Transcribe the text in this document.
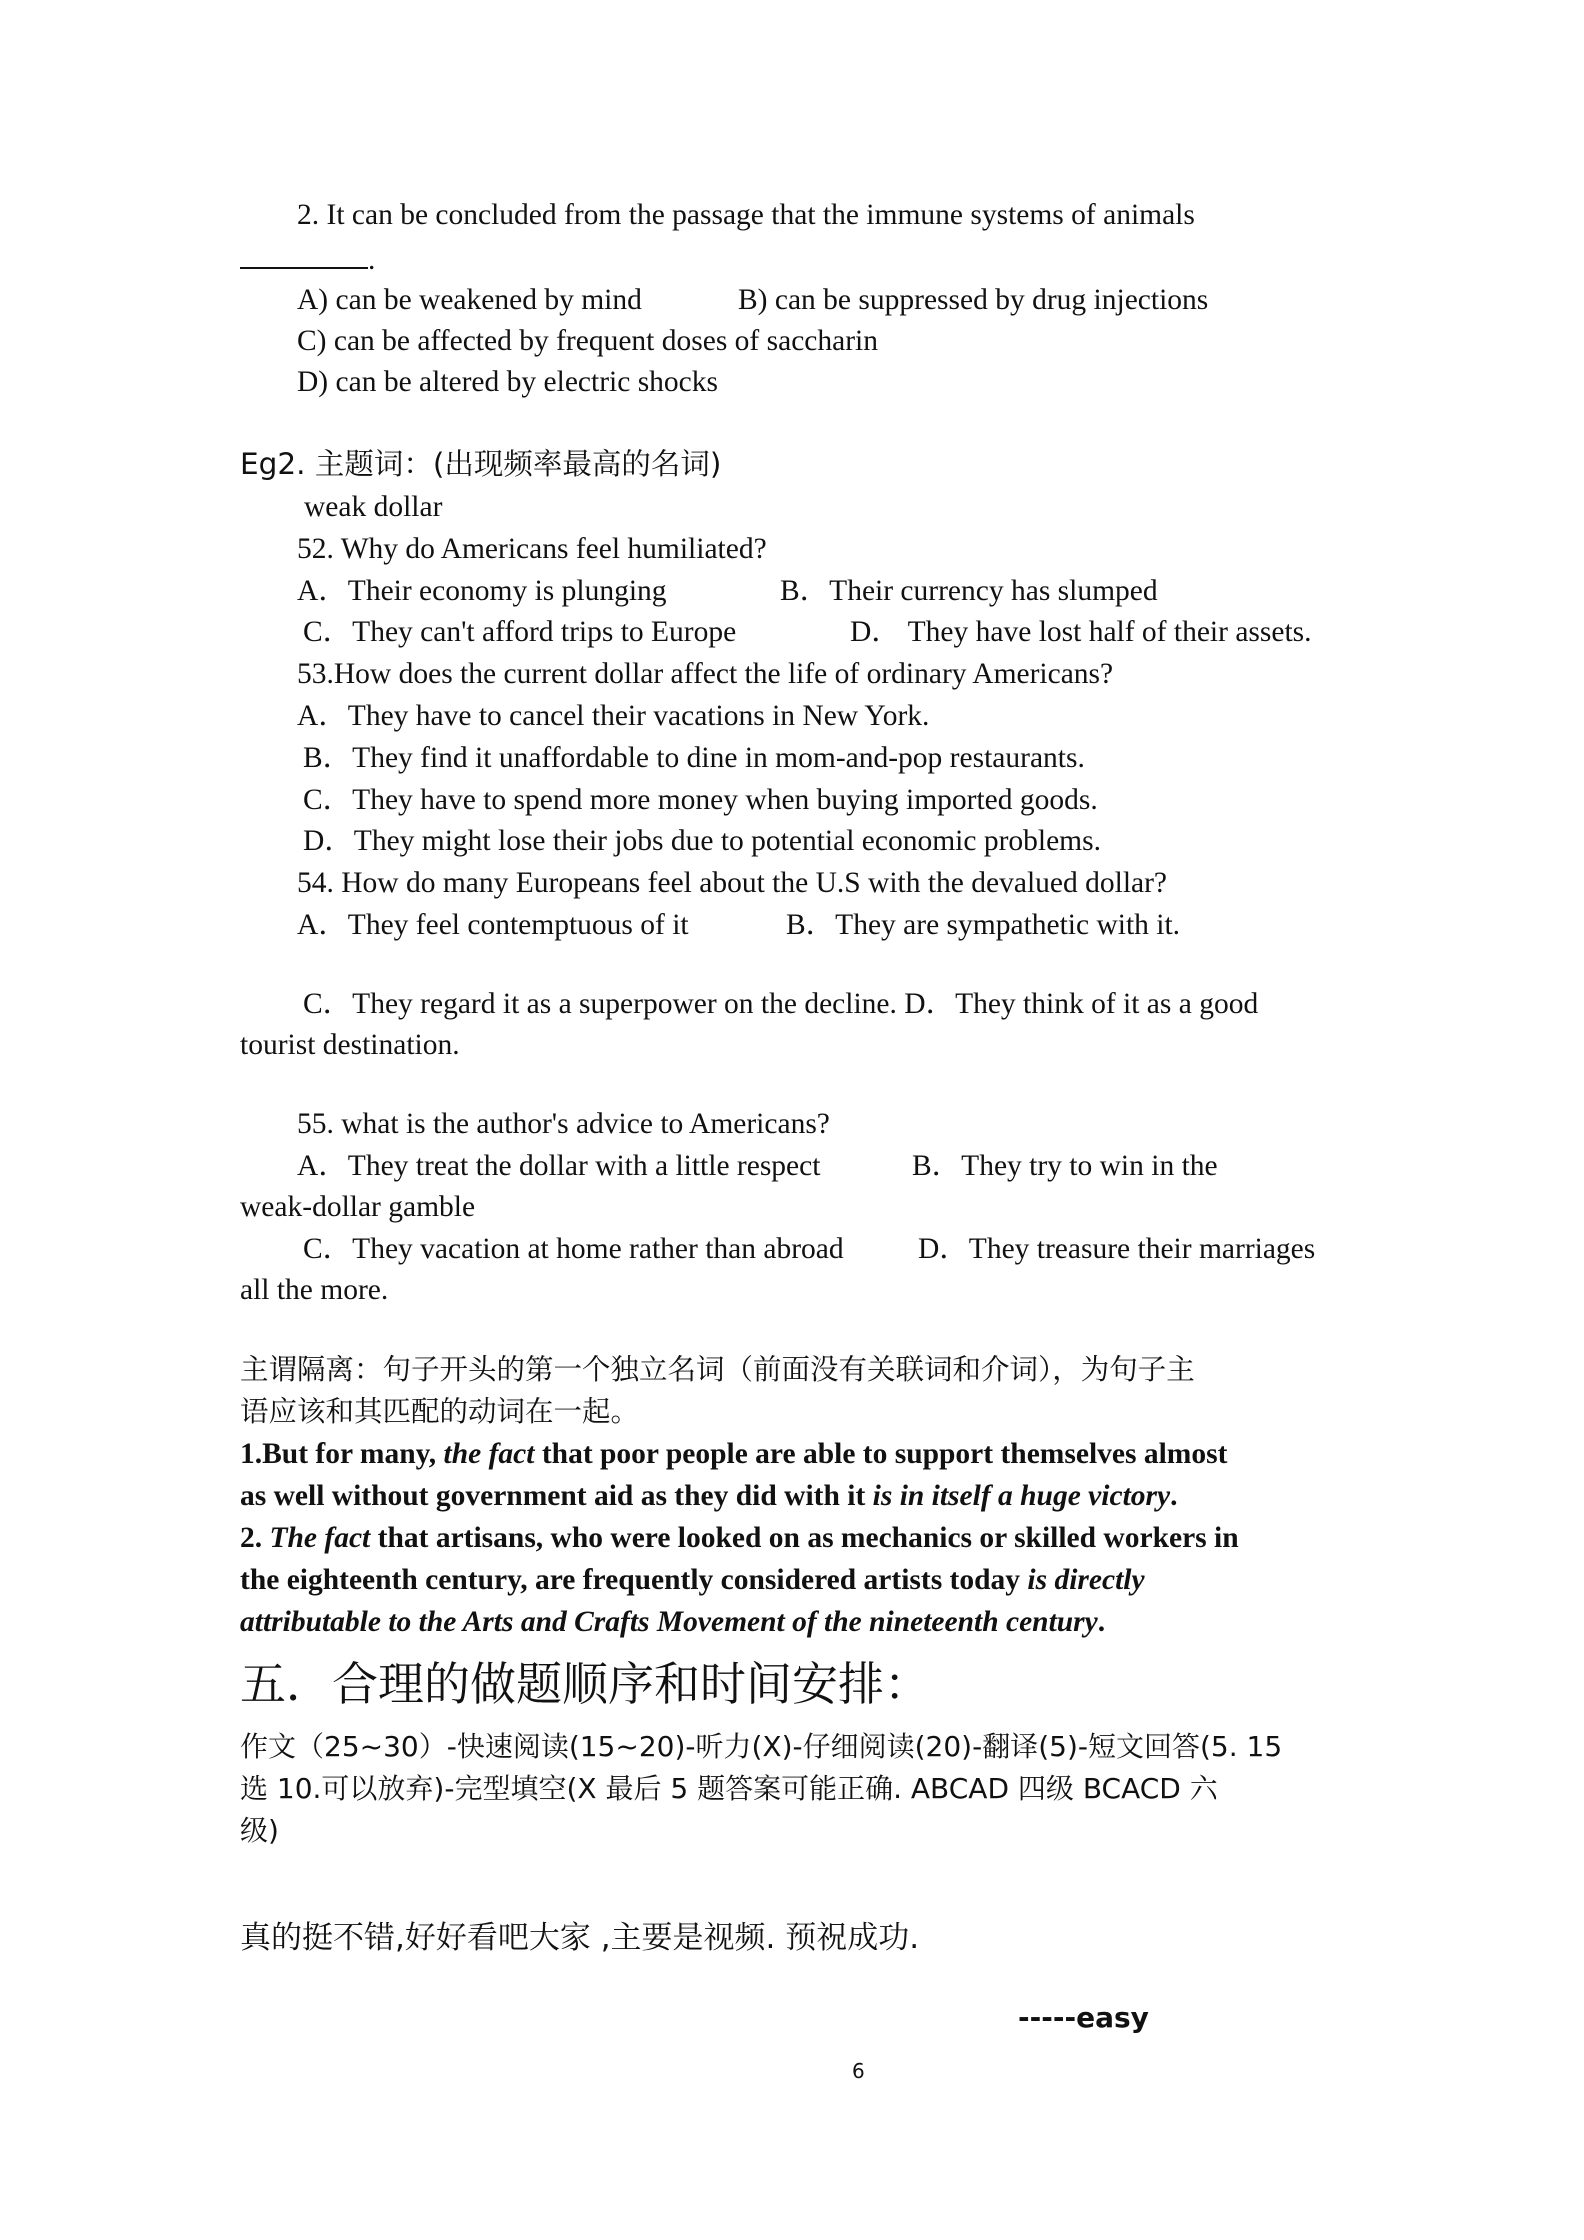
2. It can be concluded from the passage that the immune systems of animals
.
A) can be weakened by mind	B) can be suppressed by drug injections
C) can be affected by frequent doses of saccharin
D) can be altered by electric shocks
Eg2. 主题词：(出现频率最高的名词)
weak dollar
52. Why do Americans feel humiliated?
A．Their economy is plunging	B．Their currency has slumped
C．They can't afford trips to Europe	D． They have lost half of their assets.
53.How does the current dollar affect the life of ordinary Americans?
A．They have to cancel their vacations in New York.
B．They find it unaffordable to dine in mom-and-pop restaurants.
C．They have to spend more money when buying imported goods.
D．They might lose their jobs due to potential economic problems.
54. How do many Europeans feel about the U.S with the devalued dollar?
A．They feel contemptuous of it	B．They are sympathetic with it.
C．They regard it as a superpower on the decline. D．They think of it as a good
tourist destination.
55. what is the author's advice to Americans?
A．They treat the dollar with a little respect	B．They try to win in the
weak-dollar gamble
C．They vacation at home rather than abroad	D．They treasure their marriages
all the more.
主谓隔离：句子开头的第一个独立名词（前面没有关联词和介词），为句子主
语应该和其匹配的动词在一起。
1.But for many, the fact that poor people are able to support themselves almost
as well without government aid as they did with it is in itself a huge victory.
2. The fact that artisans, who were looked on as mechanics or skilled workers in
the eighteenth century, are frequently considered artists today is directly
attributable to the Arts and Crafts Movement of the nineteenth century.
五．合理的做题顺序和时间安排：
作文（25~30）-快速阅读(15~20)-听力(X)-仔细阅读(20)-翻译(5)-短文回答(5. 15
选 10.可以放弃)-完型填空(X 最后 5 题答案可能正确. ABCAD 四级 BCACD 六
级)
真的挺不错,好好看吧大家 ,主要是视频. 预祝成功.
-----easy
6
